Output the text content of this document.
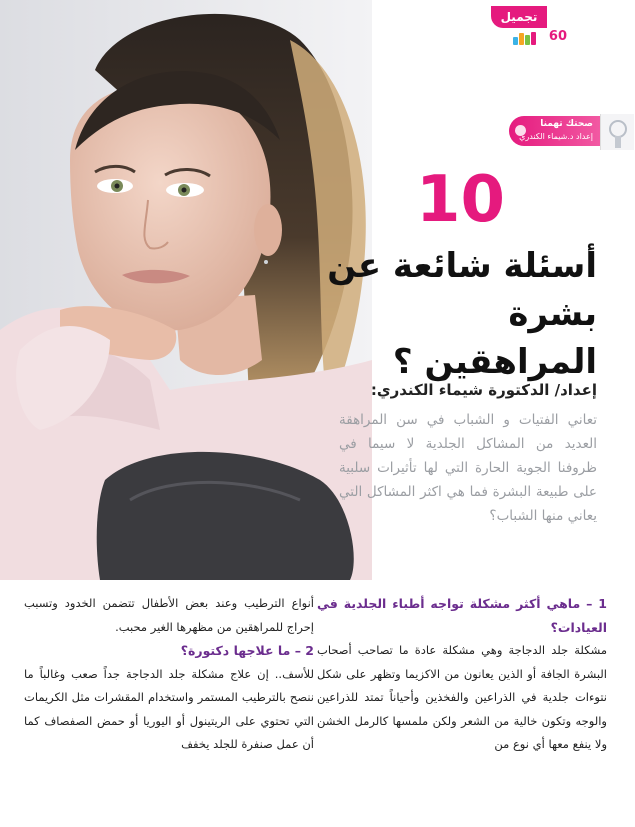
تجميل
60
صحتك تهمنا
إعداد د.شيماء الكندري
10
أسئلة شائعة عن بشرة المراهقين ؟
إعداد/ الدكتورة شيماء الكندري:
تعاني الفتيات و الشباب في سن المراهقة العديد من المشاكل الجلدية لا سيما في ظروفنا الجوية الحارة التي لها تأثيرات سلبية على طبيعة البشرة فما هي اكثر المشاكل التي يعاني منها الشباب؟
1 – ماهي أكثر مشكلة تواجه أطباء الجلدية في العيادات؟
مشكلة جلد الدجاجة وهي مشكلة عادة ما تصاحب أصحاب البشرة الجافة أو الذين يعانون من الاكزيما وتظهر على شكل نتوءات جلدية في الذراعين والفخذين وأحياناً تمتد للذراعين والوجه وتكون خالية من الشعر ولكن ملمسها كالرمل الخشن ولا ينفع معها أي نوع من
أنواع الترطيب وعند بعض الأطفال تتضمن الخدود وتسبب إحراج للمراهقين من مظهرها الغير محبب.
2 – ما علاجها دكتورة؟
للأسف.. إن علاج مشكلة جلد الدجاجة جداً صعب وغالباً ما ننصح بالترطيب المستمر واستخدام المقشرات مثل الكريمات التي تحتوي على الريتينول أو اليوريا أو حمض الصفصاف كما أن عمل صنفرة للجلد يخفف
